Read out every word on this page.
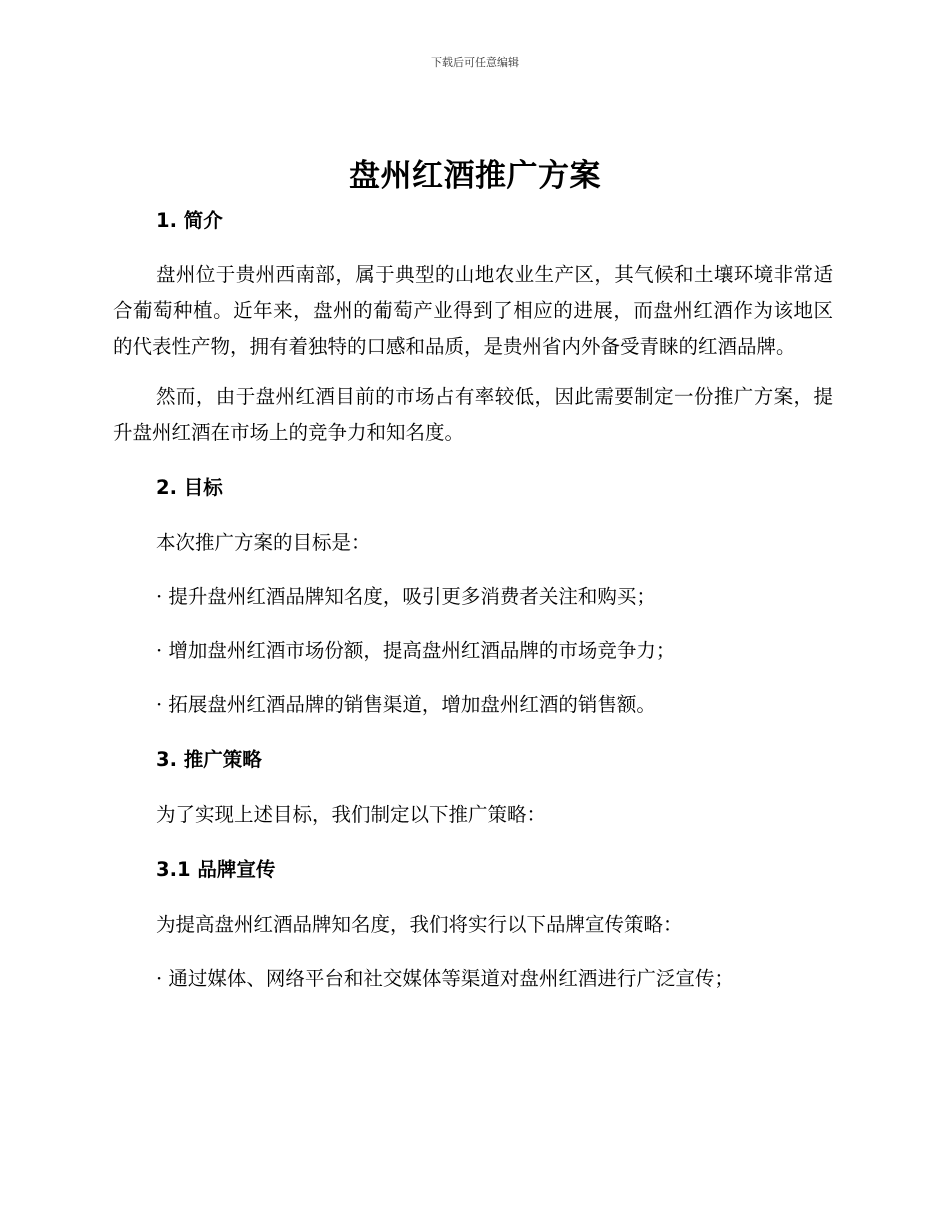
下载后可任意编辑
盘州红酒推广方案
1. 简介

盘州位于贵州西南部，属于典型的山地农业生产区，其气候和土壤环境非常适合葡萄种植。近年来，盘州的葡萄产业得到了相应的进展，而盘州红酒作为该地区的代表性产物，拥有着独特的口感和品质，是贵州省内外备受青睐的红酒品牌。

然而，由于盘州红酒目前的市场占有率较低，因此需要制定一份推广方案，提升盘州红酒在市场上的竞争力和知名度。

2. 目标

本次推广方案的目标是：

· 提升盘州红酒品牌知名度，吸引更多消费者关注和购买；

· 增加盘州红酒市场份额，提高盘州红酒品牌的市场竞争力；

· 拓展盘州红酒品牌的销售渠道，增加盘州红酒的销售额。

3. 推广策略

为了实现上述目标，我们制定以下推广策略：

3.1 品牌宣传

为提高盘州红酒品牌知名度，我们将实行以下品牌宣传策略：

· 通过媒体、网络平台和社交媒体等渠道对盘州红酒进行广泛宣传；
